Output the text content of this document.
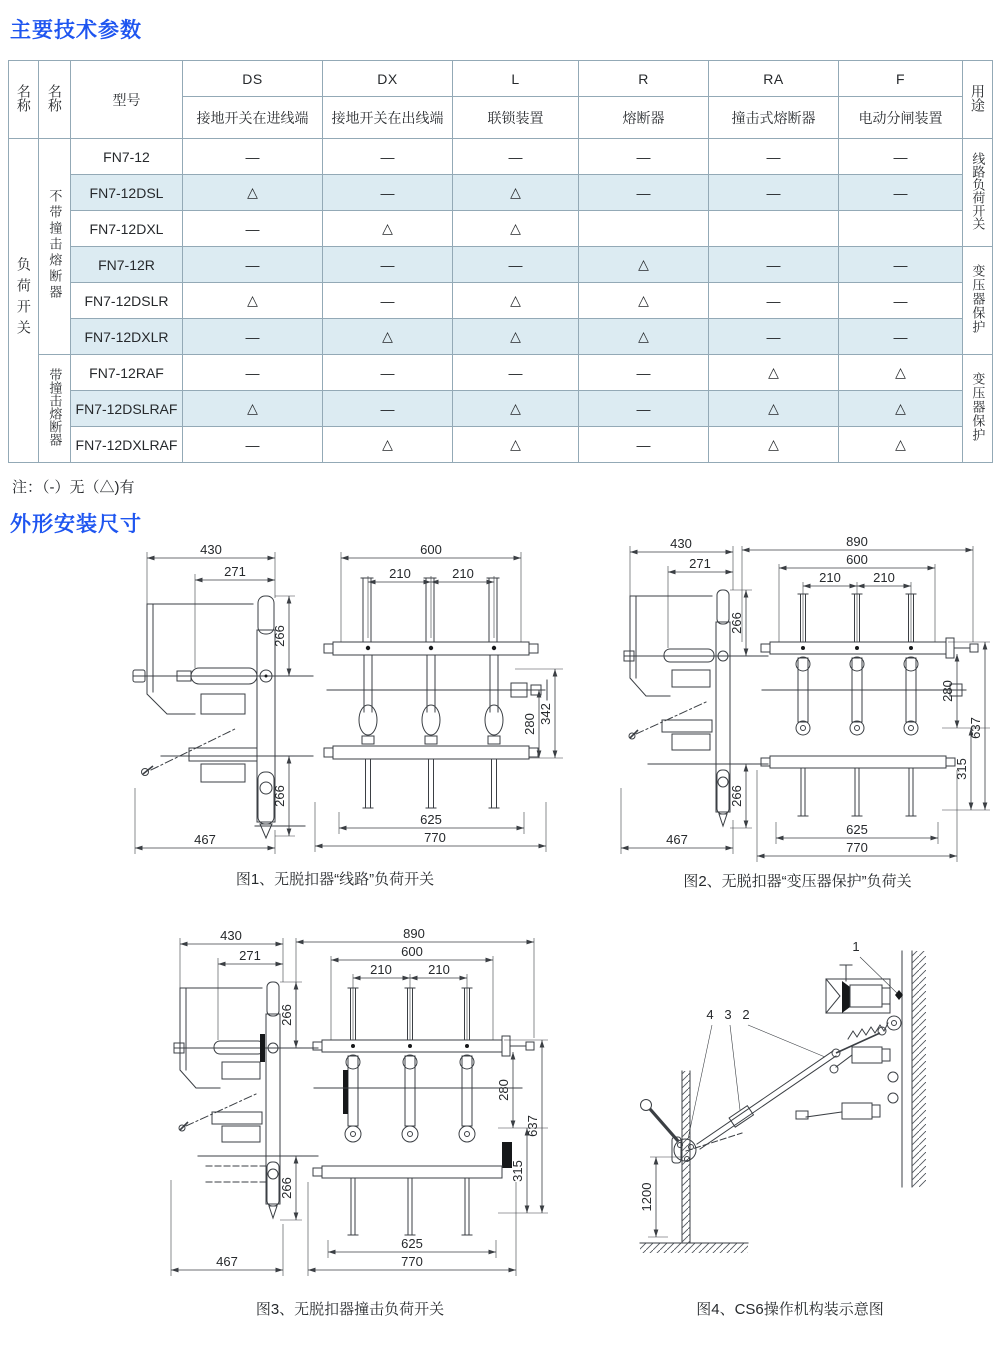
主要技术参数
名称	名称	型号	DS	DX	L	R	RA	F	用途
			接地开关在进线端	接地开关在出线端	联锁装置	熔断器	撞击式熔断器	电动分闸装置	
负荷开关	不带撞击熔断器	FN7-12	—	—	—	—	—	—	线路负荷开关
		FN7-12DSL	△	—	△	—	—	—	
		FN7-12DXL	—	△	△				
		FN7-12R	—	—	—	△	—	—	变压器保护
		FN7-12DSLR	△	—	△	△	—	—	
		FN7-12DXLR	—	△	△	△	—	—	
	带撞击熔断器	FN7-12RAF	—	—	—	—	△	△	变压器保护
		FN7-12DSLRAF	△	—	△	—	△	△	
		FN7-12DXLRAF	—	△	△	—	△	△	
注：（-）无（△)有
外形安装尺寸
430
271
266
266
467
600
210	210
280 342
625
770
图1、无脱扣器“线路”负荷开关
430
271
266
266
467
890
600
210 210
280
315
637
625
770
图2、无脱扣器“变压器保护”负荷关
430
271
266
266
467
890
600
210	210
280
315
637
625
770
图3、无脱扣器撞击负荷开关
1
4 3 2
1200
图4、CS6操作机构装示意图
